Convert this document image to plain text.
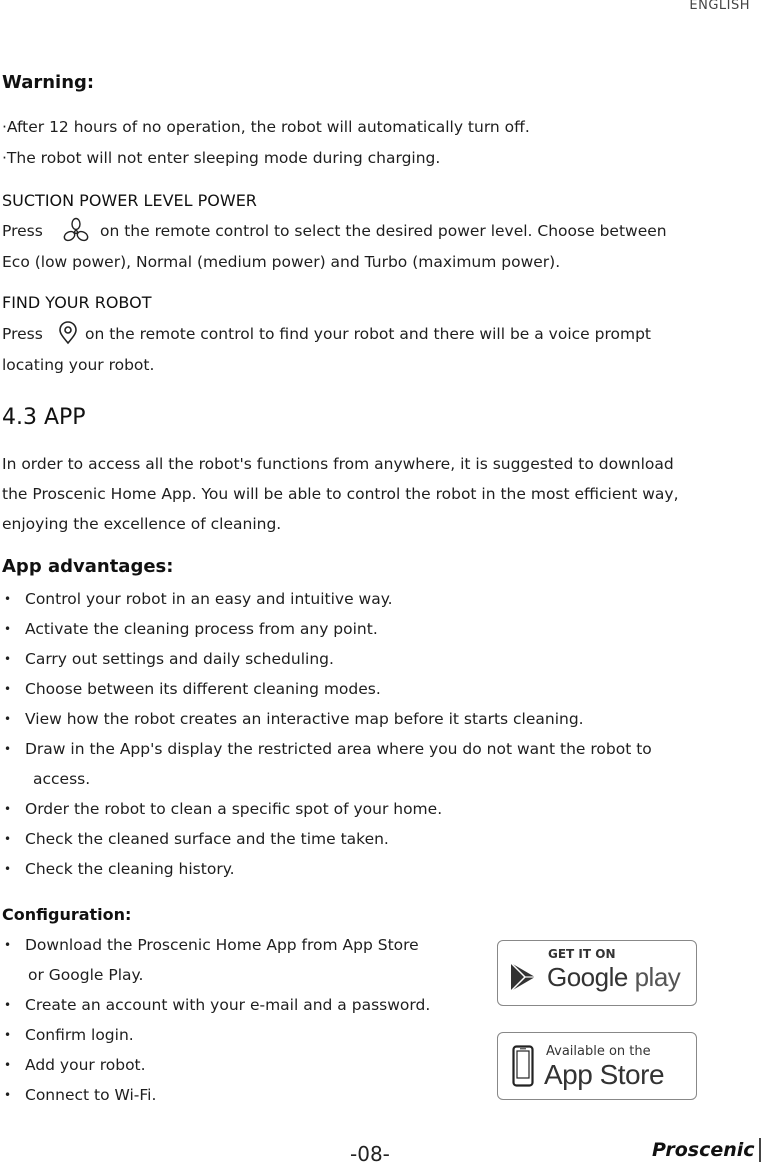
ENGLISH
Warning:
·After 12 hours of no operation, the robot will automatically turn off.
·The robot will not enter sleeping mode during charging.
SUCTION POWER LEVEL POWER
Press	on the remote control to select the desired power level. Choose between
Eco (low power), Normal (medium power) and Turbo (maximum power).
FIND YOUR ROBOT
Press	on the remote control to find your robot and there will be a voice prompt
locating your robot.
4.3 APP
In order to access all the robot's functions from anywhere, it is suggested to download
the Proscenic Home App. You will be able to control the robot in the most efficient way,
enjoying the excellence of cleaning.
App advantages:
• Control your robot in an easy and intuitive way.
• Activate the cleaning process from any point.
• Carry out settings and daily scheduling.
• Choose between its different cleaning modes.
• View how the robot creates an interactive map before it starts cleaning.
• Draw in the App's display the restricted area where you do not want the robot to
access.
• Order the robot to clean a specific spot of your home.
• Check the cleaned surface and the time taken.
• Check the cleaning history.
Configuration:
• Download the Proscenic Home App from App Store
or Google Play.
• Create an account with your e-mail and a password.
• Confirm login.
• Add your robot.
• Connect to Wi-Fi.
GET IT ON
Google play
Available on the
App Store
-08-	Proscenic
